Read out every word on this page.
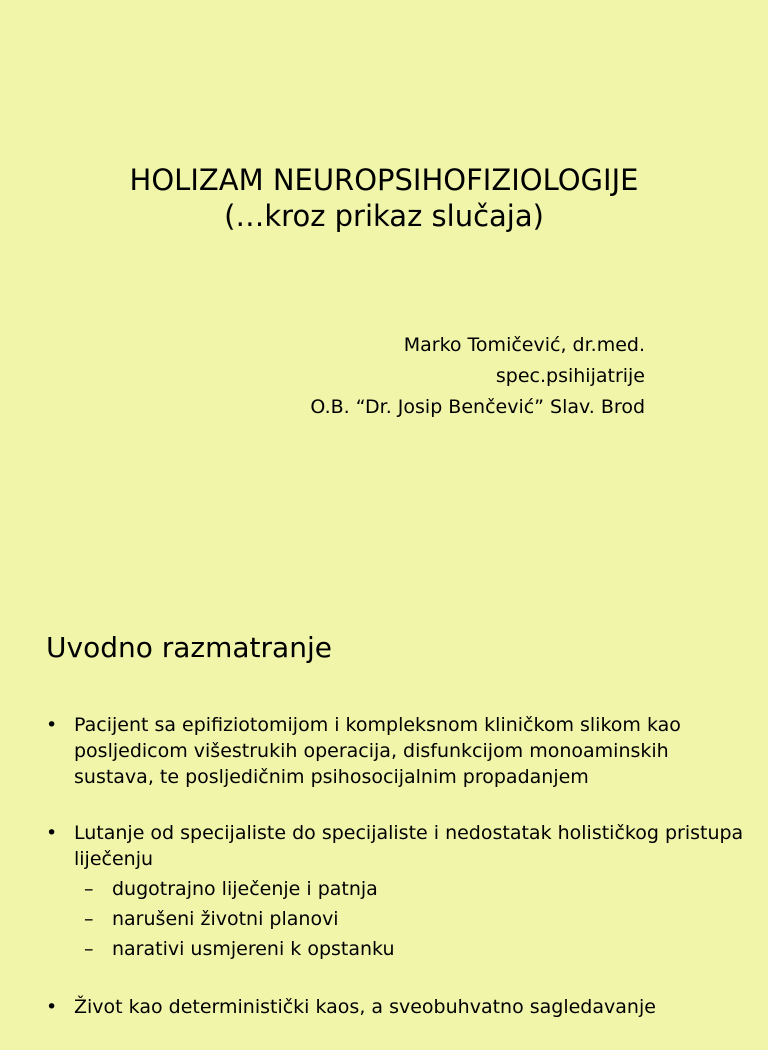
HOLIZAM NEUROPSIHOFIZIOLOGIJE
(…kroz prikaz slučaja)
Marko Tomičević, dr.med.
spec.psihijatrije
O.B. “Dr. Josip Benčević” Slav. Brod
Uvodno razmatranje
• Pacijent sa epifiziotomijom i kompleksnom kliničkom slikom kao posljedicom višestrukih operacija, disfunkcijom monoaminskih sustava, te posljedičnim psihosocijalnim propadanjem
• Lutanje od specijaliste do specijaliste i nedostatak holističkog pristupa liječenju
– dugotrajno liječenje i patnja
– narušeni životni planovi
– narativi usmjereni k opstanku
• Život kao deterministički kaos, a sveobuhvatno sagledavanje
